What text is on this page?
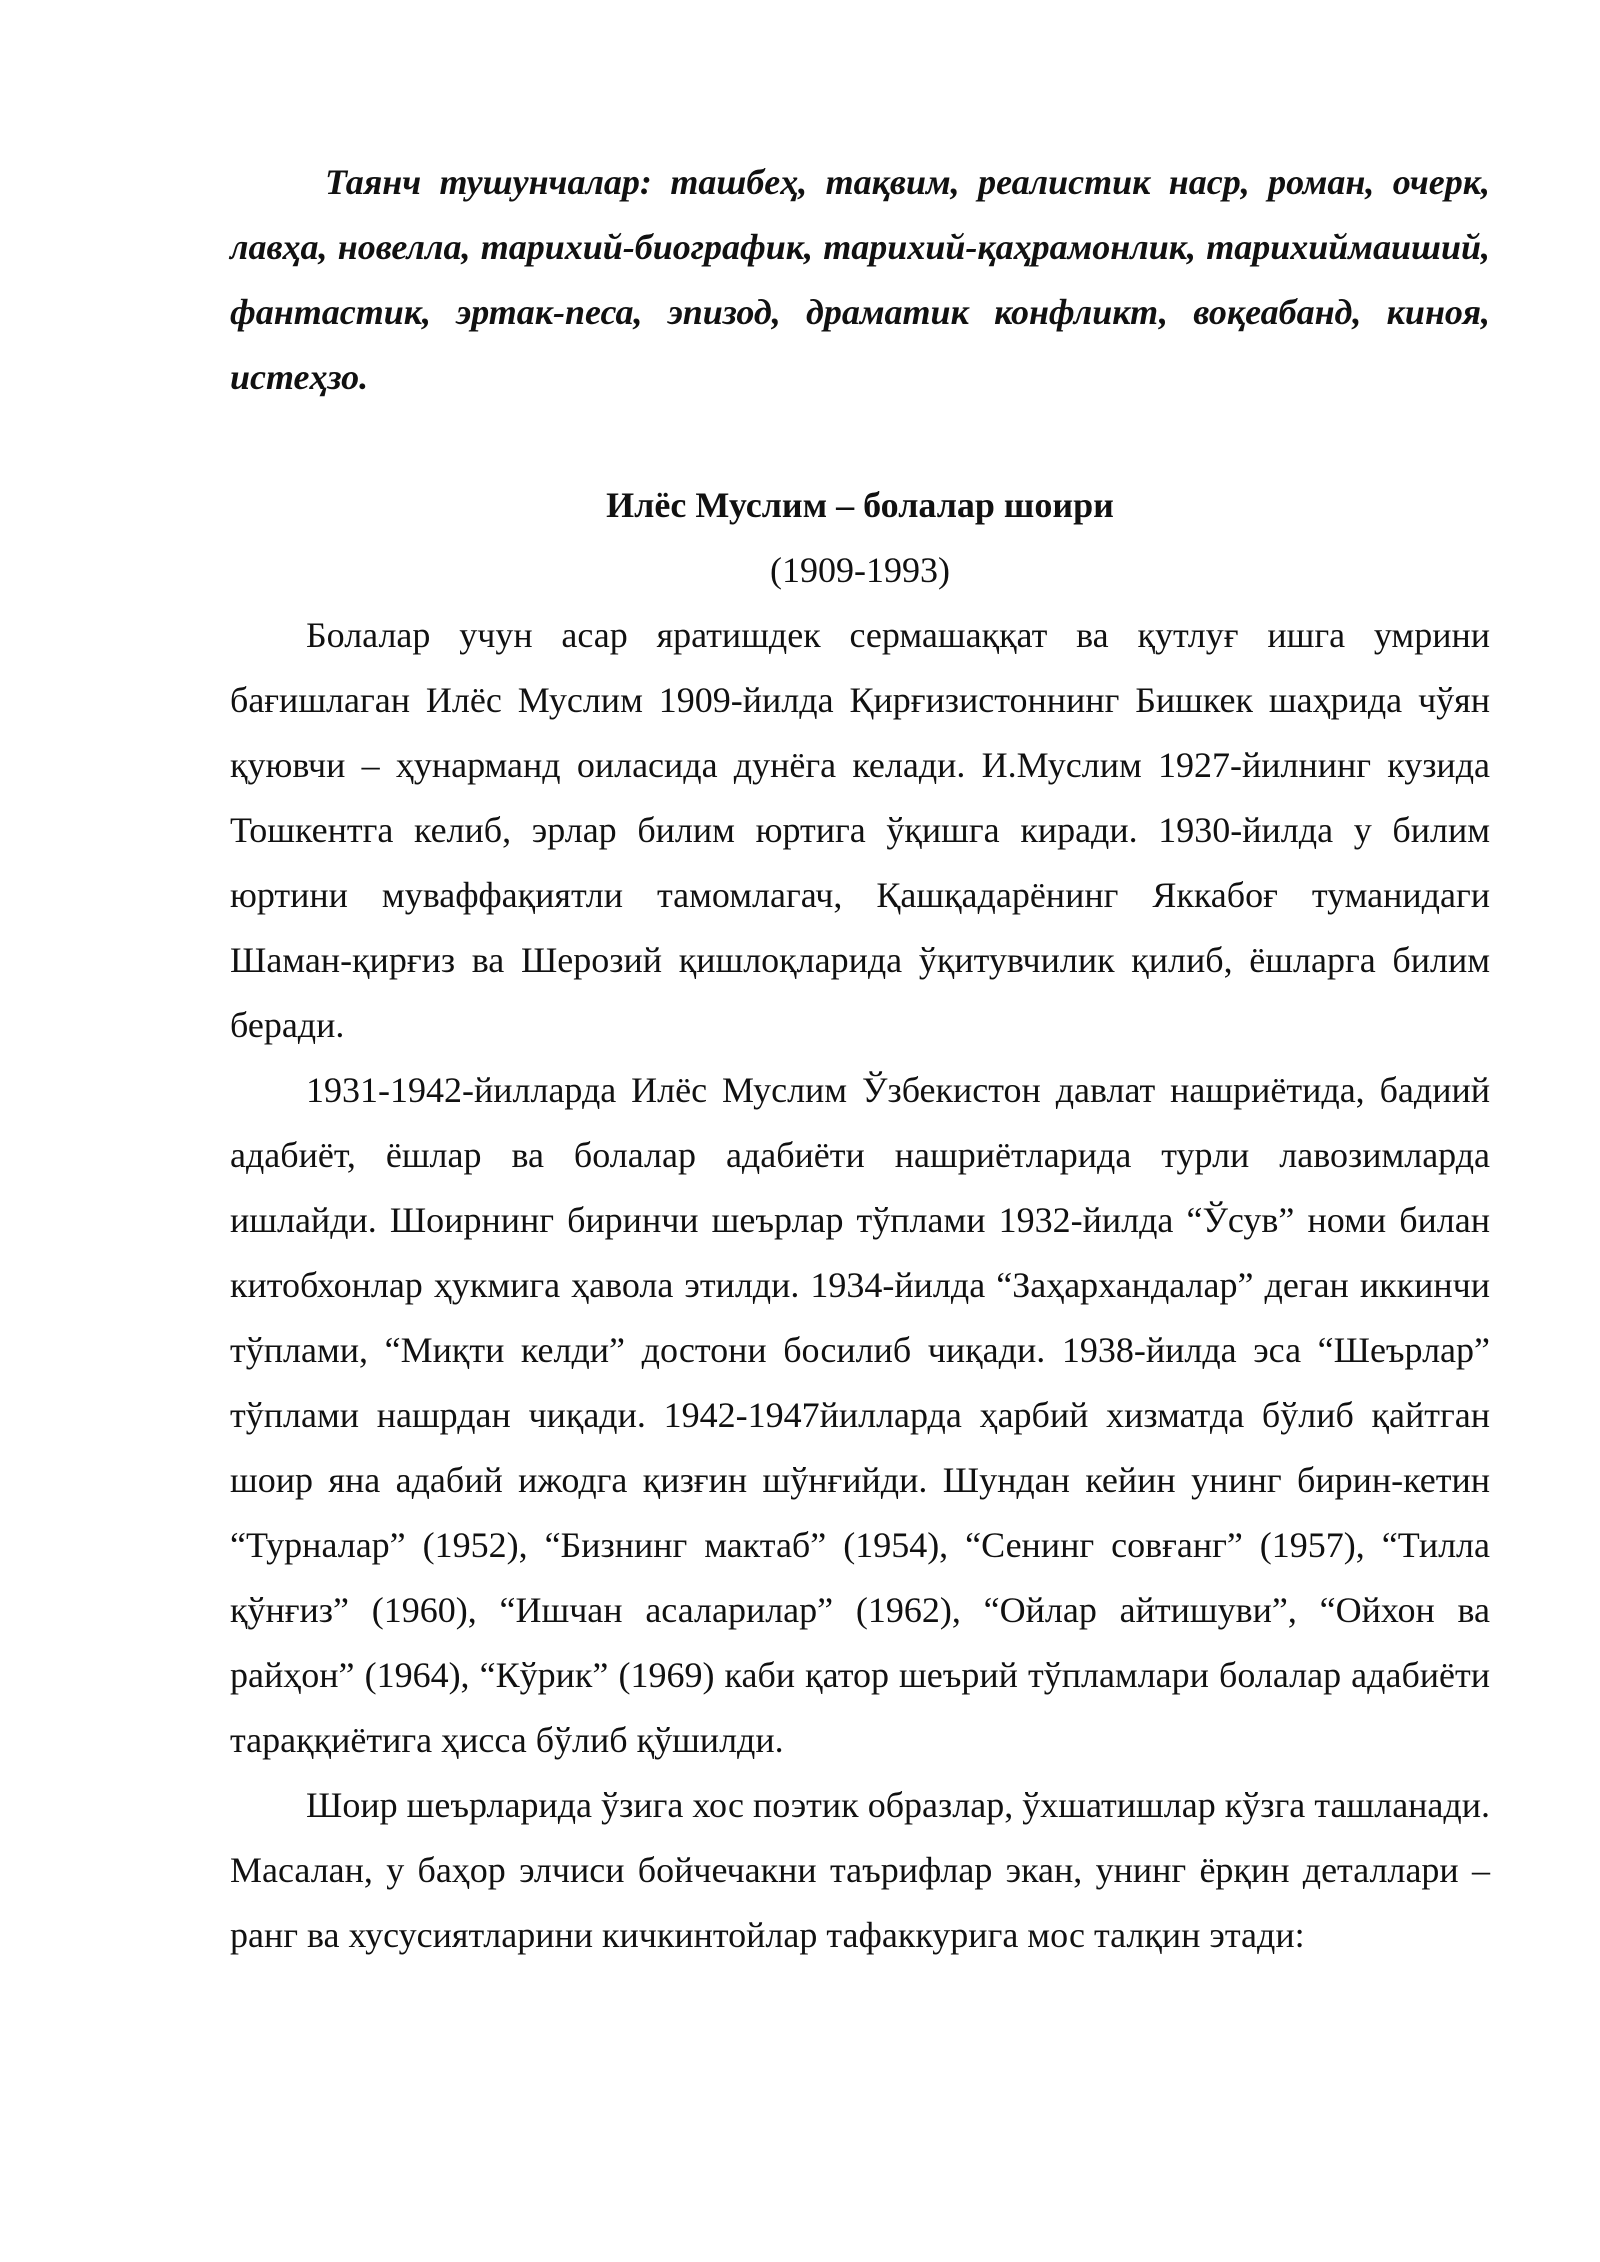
Таянч тушунчалар: ташбеҳ, тақвим, реалистик наср, роман, очерк, лавҳа, новелла, тарихий-биографик, тарихий-қаҳрамонлик, тарихиймаиший, фантастик, эртак-песа, эпизод, драматик конфликт, воқеабанд, киноя, истеҳзо.

Илёс Муслим – болалар шоири

(1909-1993)

Болалар учун асар яратишдек сермашаққат ва қутлуғ ишга умрини бағишлаган Илёс Муслим 1909-йилда Қирғизистоннинг Бишкек шаҳрида чўян қуювчи – ҳунарманд оиласида дунёга келади. И.Муслим 1927-йилнинг кузида Тошкентга келиб, эрлар билим юртига ўқишга киради. 1930-йилда у билим юртини муваффақиятли тамомлагач, Қашқадарёнинг Яккабоғ туманидаги Шаман-қирғиз ва Шерозий қишлоқларида ўқитувчилик қилиб, ёшларга билим беради.

1931-1942-йилларда Илёс Муслим Ўзбекистон давлат нашриётида, бадиий адабиёт, ёшлар ва болалар адабиёти нашриётларида турли лавозимларда ишлайди. Шоирнинг биринчи шеърлар тўплами 1932-йилда “Ўсув” номи билан китобхонлар ҳукмига ҳавола этилди. 1934-йилда “Заҳархандалар” деган иккинчи тўплами, “Миқти келди” достони босилиб чиқади. 1938-йилда эса “Шеърлар” тўплами нашрдан чиқади. 1942-1947йилларда ҳарбий хизматда бўлиб қайтган шоир яна адабий ижодга қизғин шўнғийди. Шундан кейин унинг бирин-кетин “Турналар” (1952), “Бизнинг мактаб” (1954), “Сенинг совғанг” (1957), “Тилла қўнғиз” (1960), “Ишчан асаларилар” (1962), “Ойлар айтишуви”, “Ойхон ва райҳон” (1964), “Кўрик” (1969) каби қатор шеърий тўпламлари болалар адабиёти тараққиётига ҳисса бўлиб қўшилди.

Шоир шеърларида ўзига хос поэтик образлар, ўхшатишлар кўзга ташланади. Масалан, у баҳор элчиси бойчечакни таърифлар экан, унинг ёрқин деталлари – ранг ва хусусиятларини кичкинтойлар тафаккурига мос талқин этади:
